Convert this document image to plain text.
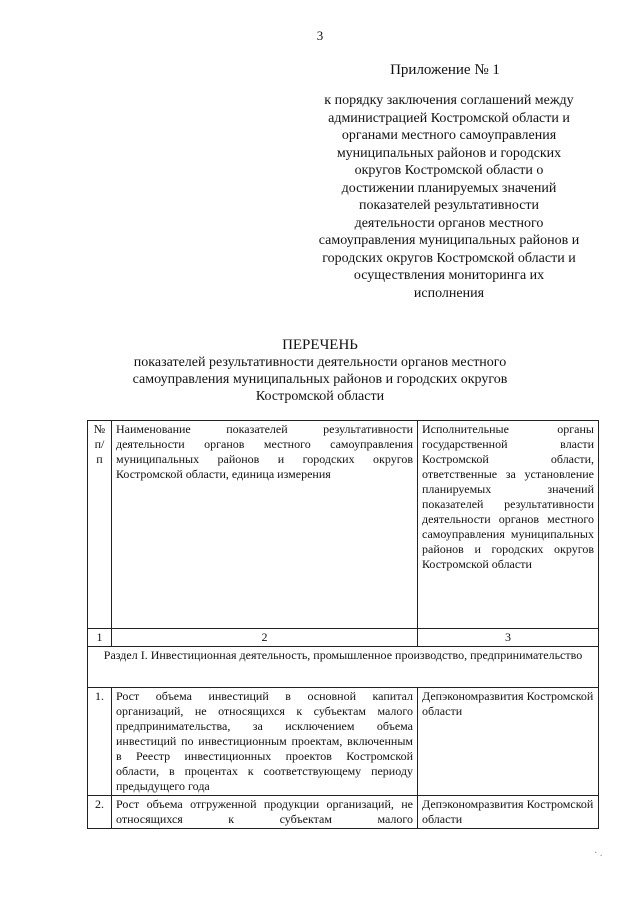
3
Приложение № 1
к порядку заключения соглашений между администрацией Костромской области и органами местного самоуправления муниципальных районов и городских округов Костромской области о достижении планируемых значений показателей результативности деятельности органов местного самоуправления муниципальных районов и городских округов Костромской области и осуществления мониторинга их исполнения
ПЕРЕЧЕНЬ
показателей результативности деятельности органов местного самоуправления муниципальных районов и городских округов Костромской области
№ п/п	Наименование показателей результативности деятельности органов местного самоуправления муниципальных районов и городских округов Костромской области, единица измерения	Исполнительные органы государственной власти Костромской области, ответственные за установление планируемых значений показателей результативности деятельности органов местного самоуправления муниципальных районов и городских округов Костромской области
1	2	3
Раздел I. Инвестиционная деятельность, промышленное производство, предпринимательство		
1.	Рост объема инвестиций в основной капитал организаций, не относящихся к субъектам малого предпринимательства, за исключением объема инвестиций по инвестиционным проектам, включенным в Реестр инвестиционных проектов Костромской области, в процентах к соответствующему периоду предыдущего года	Депэкономразвития Костромской области
2.	Рост объема отгруженной продукции организаций, не относящихся к субъектам малого	Депэкономразвития Костромской области
· .
